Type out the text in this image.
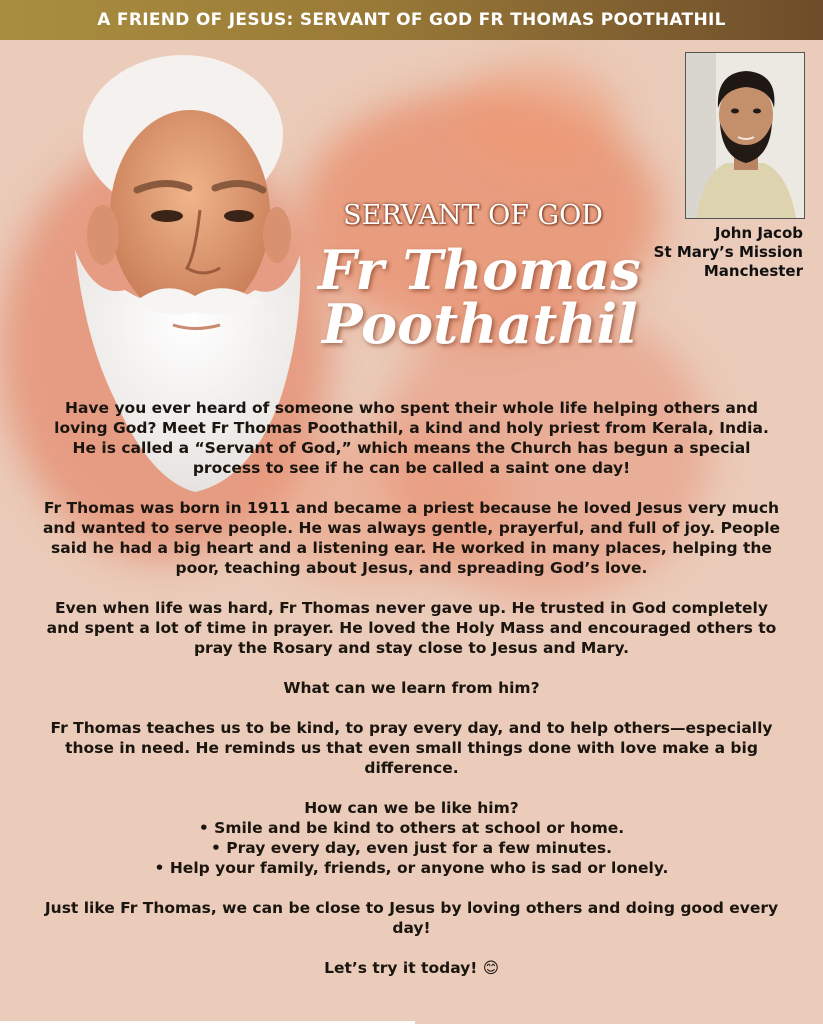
A FRIEND OF JESUS: SERVANT OF GOD FR THOMAS POOTHATHIL
John Jacob
St Mary’s Mission
Manchester
SERVANT OF GOD
Fr Thomas
Poothathil

Have you ever heard of someone who spent their whole life helping others and loving God? Meet Fr Thomas Poothathil, a kind and holy priest from Kerala, India. He is called a “Servant of God,” which means the Church has begun a special process to see if he can be called a saint one day!

Fr Thomas was born in 1911 and became a priest because he loved Jesus very much and wanted to serve people. He was always gentle, prayerful, and full of joy. People said he had a big heart and a listening ear. He worked in many places, helping the poor, teaching about Jesus, and spreading God’s love.

Even when life was hard, Fr Thomas never gave up. He trusted in God completely and spent a lot of time in prayer. He loved the Holy Mass and encouraged others to pray the Rosary and stay close to Jesus and Mary.

What can we learn from him?

Fr Thomas teaches us to be kind, to pray every day, and to help others—especially those in need. He reminds us that even small things done with love make a big difference.

How can we be like him?
• Smile and be kind to others at school or home.
• Pray every day, even just for a few minutes.
• Help your family, friends, or anyone who is sad or lonely.

Just like Fr Thomas, we can be close to Jesus by loving others and doing good every day!

Let’s try it today! 😊
